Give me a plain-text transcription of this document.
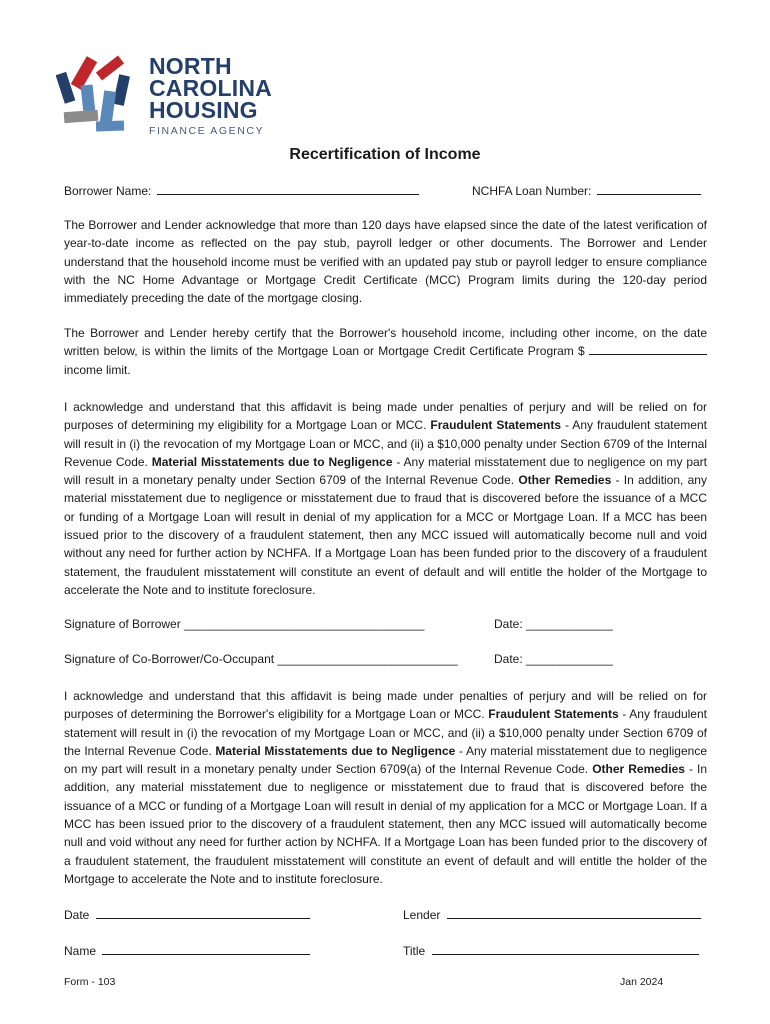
NORTH
CAROLINA
HOUSING
FINANCE AGENCY
Recertification of Income
Borrower Name:	NCHFA Loan Number:
The Borrower and Lender acknowledge that more than 120 days have elapsed since the date of the latest verification of year-to-date income as reflected on the pay stub, payroll ledger or other documents. The Borrower and Lender understand that the household income must be verified with an updated pay stub or payroll ledger to ensure compliance with the NC Home Advantage or Mortgage Credit Certificate (MCC) Program limits during the 120-day period immediately preceding the date of the mortgage closing.
The Borrower and Lender hereby certify that the Borrower's household income, including other income, on the date written below, is within the limits of the Mortgage Loan or Mortgage Credit Certificate Program $  income limit.
I acknowledge and understand that this affidavit is being made under penalties of perjury and will be relied on for purposes of determining my eligibility for a Mortgage Loan or MCC. Fraudulent Statements - Any fraudulent statement will result in (i) the revocation of my Mortgage Loan or MCC, and (ii) a $10,000 penalty under Section 6709 of the Internal Revenue Code. Material Misstatements due to Negligence - Any material misstatement due to negligence on my part will result in a monetary penalty under Section 6709 of the Internal Revenue Code. Other Remedies - In addition, any material misstatement due to negligence or misstatement due to fraud that is discovered before the issuance of a MCC or funding of a Mortgage Loan will result in denial of my application for a MCC or Mortgage Loan. If a MCC has been issued prior to the discovery of a fraudulent statement, then any MCC issued will automatically become null and void without any need for further action by NCHFA. If a Mortgage Loan has been funded prior to the discovery of a fraudulent statement, the fraudulent misstatement will constitute an event of default and will entitle the holder of the Mortgage to accelerate the Note and to institute foreclosure.
Signature of Borrower ____________________________________	Date: _____________
Signature of Co-Borrower/Co-Occupant ___________________________	Date: _____________
I acknowledge and understand that this affidavit is being made under penalties of perjury and will be relied on for purposes of determining the Borrower's eligibility for a Mortgage Loan or MCC. Fraudulent Statements - Any fraudulent statement will result in (i) the revocation of my Mortgage Loan or MCC, and (ii) a $10,000 penalty under Section 6709 of the Internal Revenue Code. Material Misstatements due to Negligence - Any material misstatement due to negligence on my part will result in a monetary penalty under Section 6709(a) of the Internal Revenue Code. Other Remedies - In addition, any material misstatement due to negligence or misstatement due to fraud that is discovered before the issuance of a MCC or funding of a Mortgage Loan will result in denial of my application for a MCC or Mortgage Loan. If a MCC has been issued prior to the discovery of a fraudulent statement, then any MCC issued will automatically become null and void without any need for further action by NCHFA. If a Mortgage Loan has been funded prior to the discovery of a fraudulent statement, the fraudulent misstatement will constitute an event of default and will entitle the holder of the Mortgage to accelerate the Note and to institute foreclosure.
Date	Lender
Name	Title
Form - 103	Jan 2024
